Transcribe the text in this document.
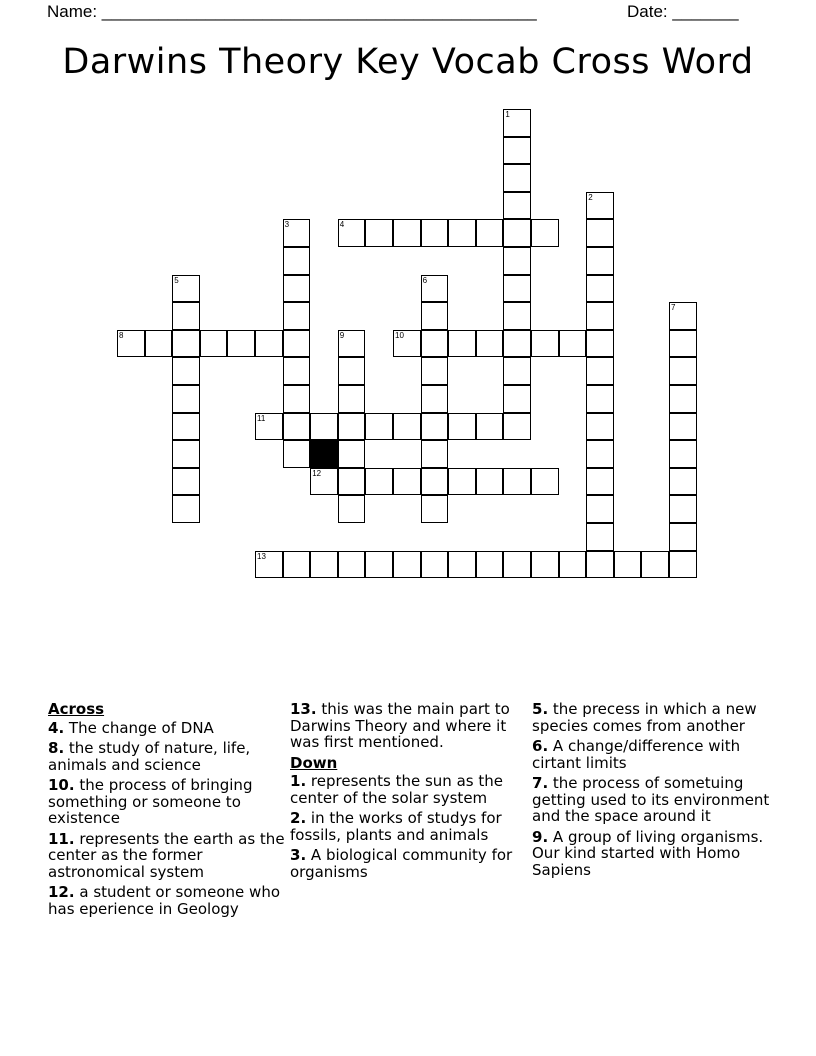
Name: ______________________________________________	Date: _______
Darwins Theory Key Vocab Cross Word
1
2
3	4
5	6
7
8	9	10
11
12
13
Across
4. The change of DNA
8. the study of nature, life, animals and science
10. the process of bringing something or someone to existence
11. represents the earth as the center as the former astronomical system
12. a student or someone who has eperience in Geology
13. this was the main part to Darwins Theory and where it was first mentioned.
Down
1. represents the sun as the center of the solar system
2. in the works of studys for fossils, plants and animals
3. A biological community for organisms
5. the precess in which a new species comes from another
6. A change/difference with cirtant limits
7. the process of sometuing getting used to its environment and the space around it
9. A group of living organisms. Our kind started with Homo Sapiens
